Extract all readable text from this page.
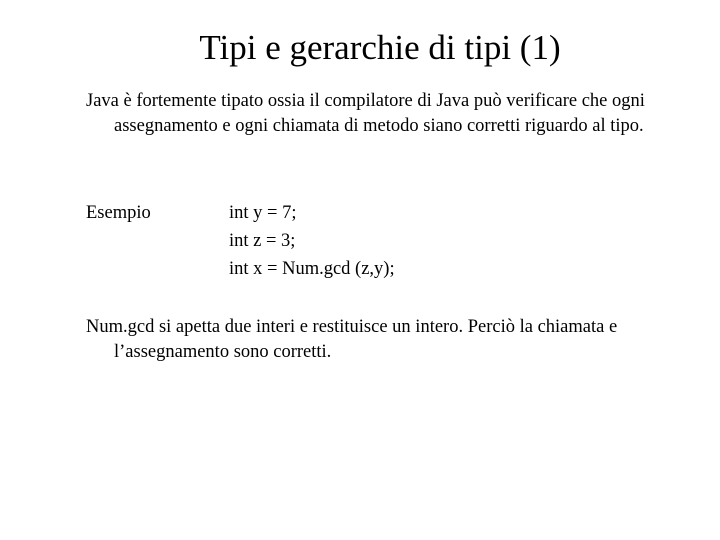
Tipi e gerarchie di tipi (1)

Java è fortemente tipato ossia il compilatore di Java può verificare che ogni assegnamento e ogni chiamata di metodo siano corretti riguardo al tipo.

Esempio	int y = 7;
int z = 3;
int x = Num.gcd (z,y);

Num.gcd si apetta due interi e restituisce un intero. Perciò la chiamata e l’assegnamento sono corretti.
